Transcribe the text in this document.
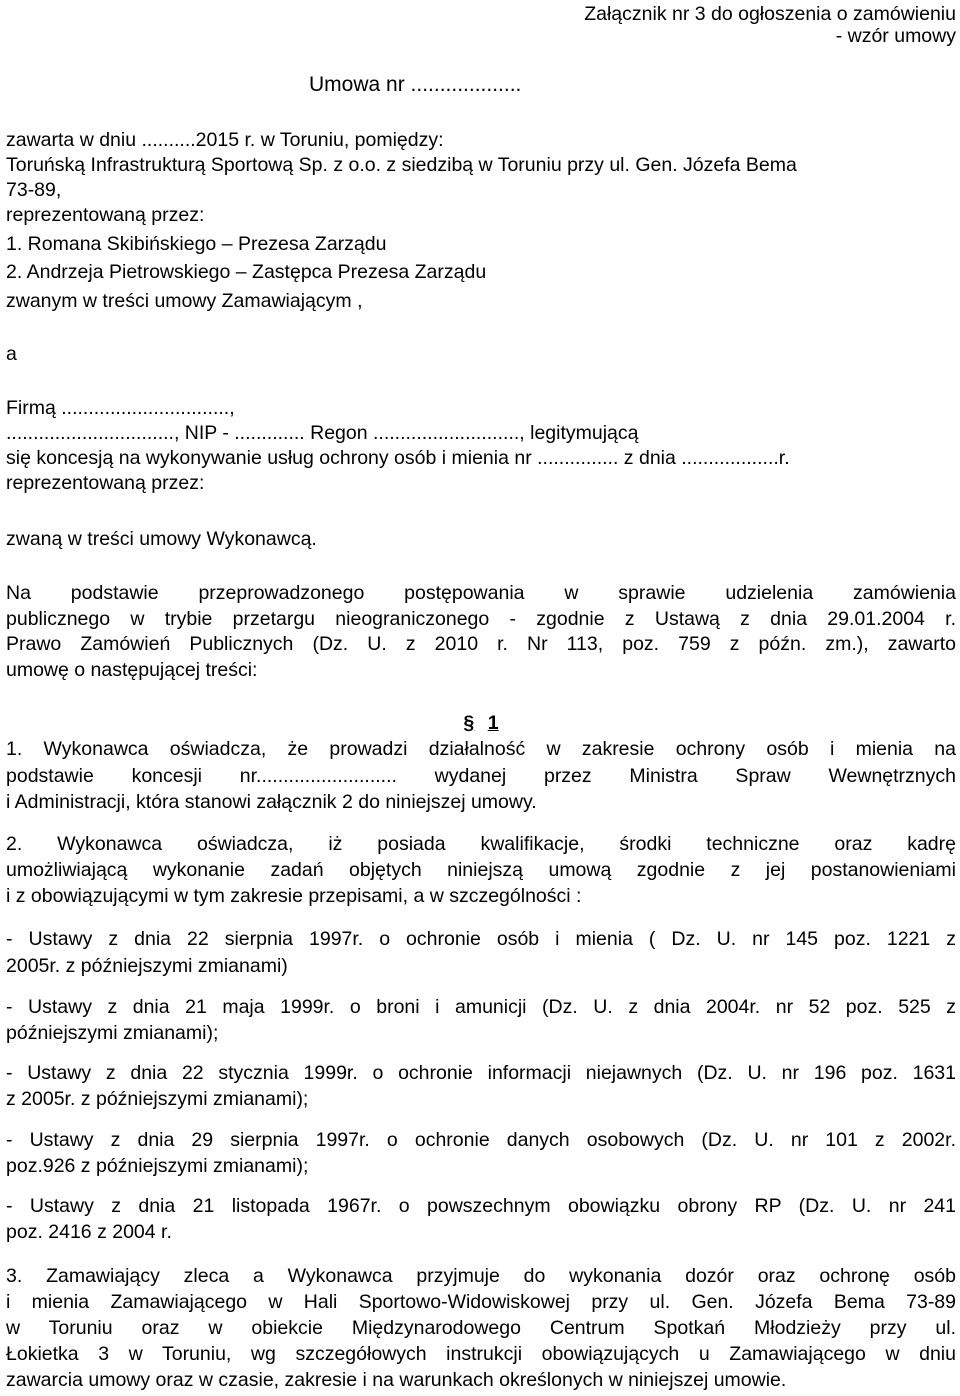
Załącznik nr 3 do ogłoszenia o zamówieniu
- wzór umowy
Umowa nr ...................
zawarta w dniu ..........2015 r. w Toruniu, pomiędzy:
Toruńską Infrastrukturą Sportową Sp. z o.o. z siedzibą w Toruniu przy ul. Gen. Józefa Bema
73-89,
reprezentowaną przez:
1. Romana Skibińskiego – Prezesa Zarządu
2. Andrzeja Pietrowskiego – Zastępca Prezesa Zarządu
zwanym w treści umowy Zamawiającym ,
a
Firmą ...............................,
..............................., NIP - ............. Regon ..........................., legitymującą
się koncesją na wykonywanie usług ochrony osób i mienia nr ............... z dnia ..................r.
reprezentowaną przez:
zwaną w treści umowy Wykonawcą.
Na podstawie przeprowadzonego postępowania w sprawie udzielenia zamówienia
publicznego w trybie przetargu nieograniczonego - zgodnie z Ustawą z dnia 29.01.2004 r.
Prawo Zamówień Publicznych (Dz. U. z 2010 r. Nr 113, poz. 759 z późn. zm.), zawarto
umowę o następującej treści:
§ 1
1. Wykonawca oświadcza, że prowadzi działalność w zakresie ochrony osób i mienia na
podstawie koncesji nr.......................... wydanej przez Ministra Spraw Wewnętrznych
i Administracji, która stanowi załącznik 2 do niniejszej umowy.
2. Wykonawca oświadcza, iż posiada kwalifikacje, środki techniczne oraz kadrę
umożliwiającą wykonanie zadań objętych niniejszą umową zgodnie z jej postanowieniami
i z obowiązującymi w tym zakresie przepisami, a w szczególności :
- Ustawy z dnia 22 sierpnia 1997r. o ochronie osób i mienia ( Dz. U. nr 145 poz. 1221 z
2005r. z późniejszymi zmianami)
- Ustawy z dnia 21 maja 1999r. o broni i amunicji (Dz. U. z dnia 2004r. nr 52 poz. 525 z
późniejszymi zmianami);
- Ustawy z dnia 22 stycznia 1999r. o ochronie informacji niejawnych (Dz. U. nr 196 poz. 1631
z 2005r. z późniejszymi zmianami);
- Ustawy z dnia 29 sierpnia 1997r. o ochronie danych osobowych (Dz. U. nr 101 z 2002r.
poz.926 z późniejszymi zmianami);
- Ustawy z dnia 21 listopada 1967r. o powszechnym obowiązku obrony RP (Dz. U. nr 241
poz. 2416 z 2004 r.
3. Zamawiający zleca a Wykonawca przyjmuje do wykonania dozór oraz ochronę osób
i mienia Zamawiającego w Hali Sportowo-Widowiskowej przy ul. Gen. Józefa Bema 73-89
w Toruniu oraz w obiekcie Międzynarodowego Centrum Spotkań Młodzieży przy ul.
Łokietka 3 w Toruniu, wg szczegółowych instrukcji obowiązujących u Zamawiającego w dniu
zawarcia umowy oraz w czasie, zakresie i na warunkach określonych w niniejszej umowie.
